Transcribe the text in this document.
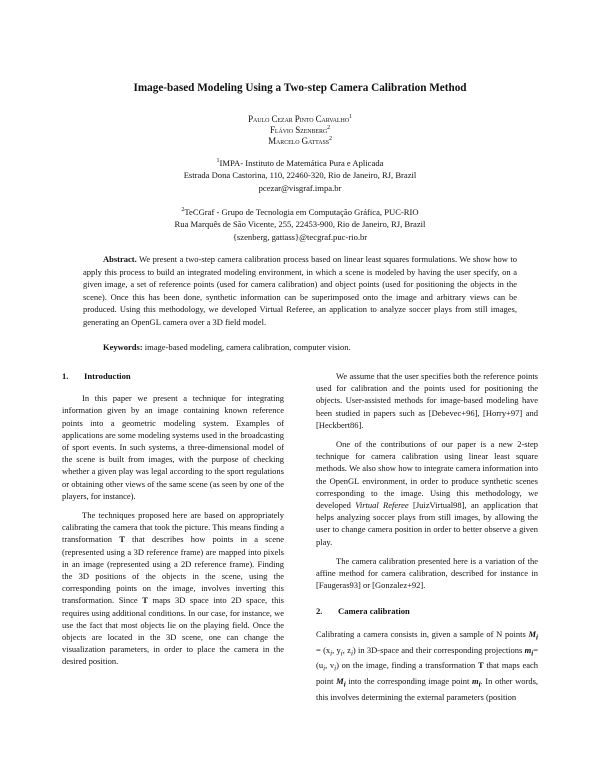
Image-based Modeling Using a Two-step Camera Calibration Method
Paulo Cezar Pinto Carvalho$^1$
Flávio Szenberg$^2$
Marcelo Gattass$^2$
$^1$IMPA- Instituto de Matemática Pura e Aplicada
Estrada Dona Castorina, 110, 22460-320, Rio de Janeiro, RJ, Brazil
pcezar@visgraf.impa.br
$^2$TeCGraf - Grupo de Tecnologia em Computação Gráfica, PUC-RIO
Rua Marquês de São Vicente, 255, 22453-900, Rio de Janeiro, RJ, Brazil
{szenberg, gattass}@tecgraf.puc-rio.br
Abstract. We present a two-step camera calibration process based on linear least squares formulations. We show how to apply this process to build an integrated modeling environment, in which a scene is modeled by having the user specify, on a given image, a set of reference points (used for camera calibration) and object points (used for positioning the objects in the scene). Once this has been done, synthetic information can be superimposed onto the image and arbitrary views can be produced. Using this methodology, we developed Virtual Referee, an application to analyze soccer plays from still images, generating an OpenGL camera over a 3D field model.
Keywords: image-based modeling, camera calibration, computer vision.
1. Introduction

In this paper we present a technique for integrating information given by an image containing known reference points into a geometric modeling system. Examples of applications are some modeling systems used in the broadcasting of sport events. In such systems, a three-dimensional model of the scene is built from images, with the purpose of checking whether a given play was legal according to the sport regulations or obtaining other views of the same scene (as seen by one of the players, for instance).

The techniques proposed here are based on appropriately calibrating the camera that took the picture. This means finding a transformation T that describes how points in a scene (represented using a 3D reference frame) are mapped into pixels in an image (represented using a 2D reference frame). Finding the 3D positions of the objects in the scene, using the corresponding points on the image, involves inverting this transformation. Since T maps 3D space into 2D space, this requires using additional conditions. In our case, for instance, we use the fact that most objects lie on the playing field. Once the objects are located in the 3D scene, one can change the visualization parameters, in order to place the camera in the desired position.

We assume that the user specifies both the reference points used for calibration and the points used for positioning the objects. User-assisted methods for image-based modeling have been studied in papers such as [Debevec+96], [Horry+97] and [Heckbert86].

One of the contributions of our paper is a new 2-step technique for camera calibration using linear least square methods. We also show how to integrate camera information into the OpenGL environment, in order to produce synthetic scenes corresponding to the image. Using this methodology, we developed Virtual Referee [JuizVirtual98], an application that helps analyzing soccer plays from still images, by allowing the user to change camera position in order to better observe a given play.

The camera calibration presented here is a variation of the affine method for camera calibration, described for instance in [Faugeras93] or [Gonzalez+92].

2. Camera calibration

Calibrating a camera consists in, given a sample of N points $M_i = (x_i$, $y_i$, $z_i$) in 3D-space and their corresponding projections $m_i=(u_i$, $v_i$) on the image, finding a transformation T that maps each point $M_i$ into the corresponding image point $m_i$. In other words, this involves determining the external parameters (position
